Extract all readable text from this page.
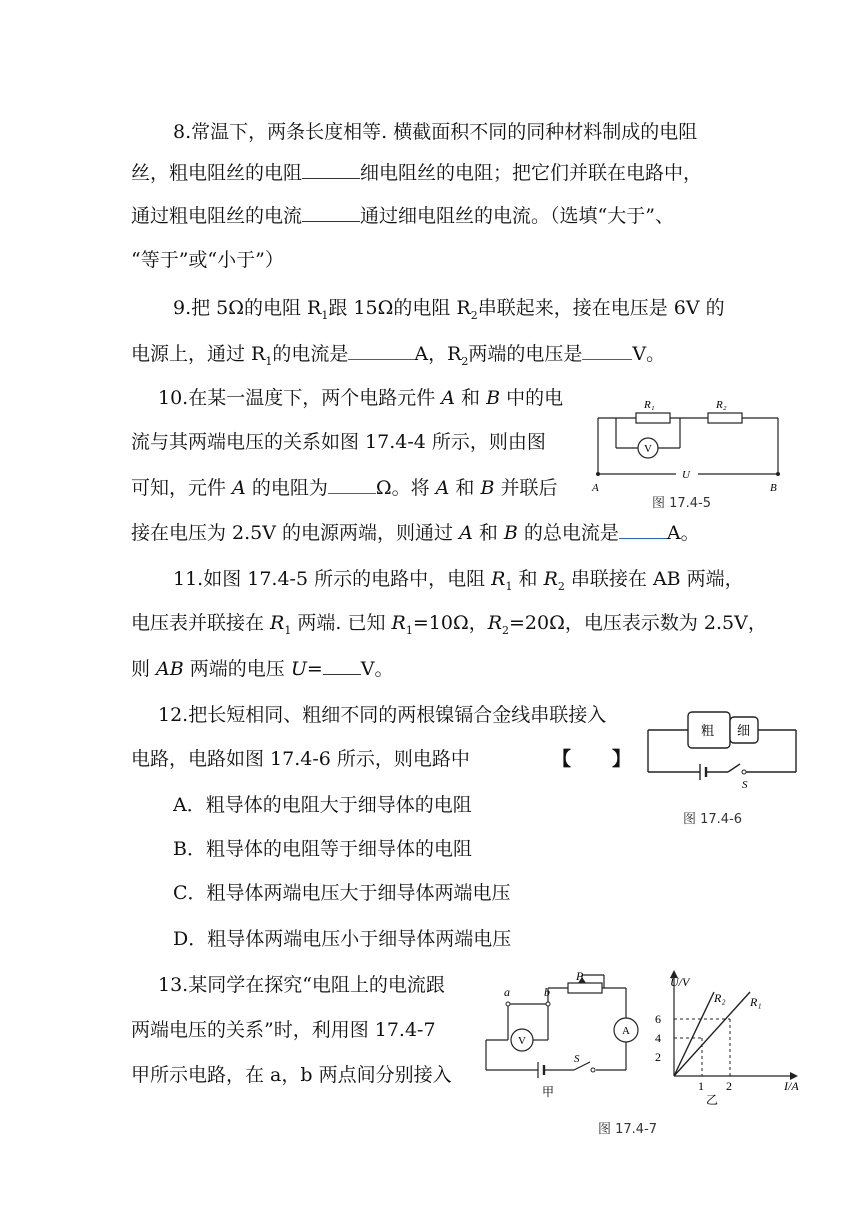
8.常温下，两条长度相等. 横截面积不同的同种材料制成的电阻
丝，粗电阻丝的电阻	细电阻丝的电阻；把它们并联在电路中，
通过粗电阻丝的电流	通过细电阻丝的电流。（选填“大于”、
“等于”或“小于”）
9.把 5Ω的电阻 $R_1$跟 15Ω的电阻 $R_2$串联起来，接在电压是 6V 的
电源上，通过 $R_1$的电流是	A，$R_2$两端的电压是	V。
10.在某一温度下，两个电路元件 A 和 B 中的电
流与其两端电压的关系如图 17.4-4 所示，则由图
可知，元件 A 的电阻为	Ω。将 A 和 B 并联后
接在电压为 2.5V 的电源两端，则通过 A 和 B 的总电流是	A。
R₁	R₂
V
U
A	B
图 17.4-5
11.如图 17.4-5 所示的电路中，电阻 $R_1$ 和 $R_2$ 串联接在 AB 两端，
电压表并联接在 $R_1$ 两端. 已知 $R_1=10\Omega$，$R_2=20\Omega$，电压表示数为 2.5V，
则 AB 两端的电压 U= V。
12.把长短相同、粗细不同的两根镍镉合金线串联接入
电路，电路如图 17.4-6 所示，则电路中	【 】
A．粗导体的电阻大于细导体的电阻
B．粗导体的电阻等于细导体的电阻
C．粗导体两端电压大于细导体两端电压
D．粗导体两端电压小于细导体两端电压
粗 细
S
图 17.4-6
13.某同学在探究“电阻上的电流跟
两端电压的关系”时，利用图 17.4-7
甲所示电路，在 a，b 两点间分别接入
a	b
P
V
A
S
甲
U/V
I/A
R₂ R₁
6
4
2
1 2
乙
图 17.4-7
